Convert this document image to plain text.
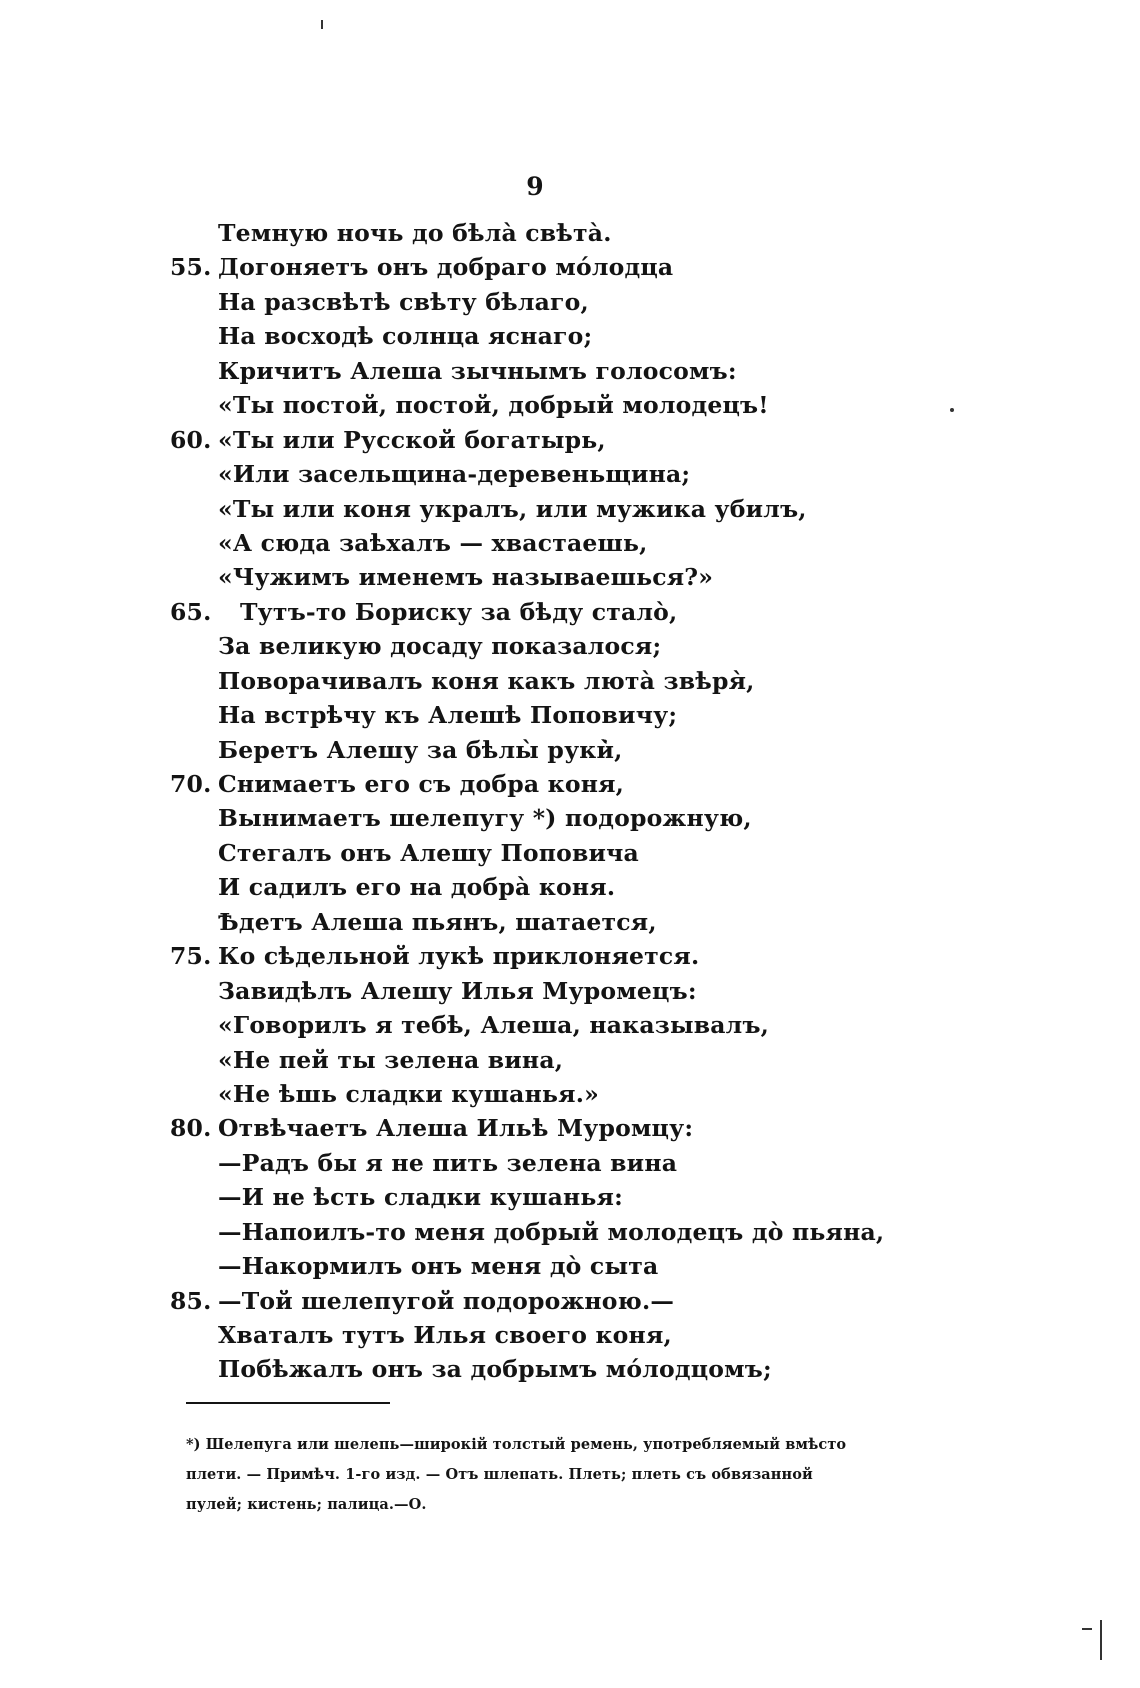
9
Темную ночь до бѣла̀ свѣта̀.
55. Догоняетъ онъ добраго мо́лодца
На разсвѣтѣ свѣту бѣлаго,
На восходѣ солнца яснаго;
Кричитъ Алеша зычнымъ голосомъ:
«Ты постой, постой, добрый молодецъ!
60. «Ты или Русской богатырь,
«Или засельщина-деревеньщина;
«Ты или коня укралъ, или мужика убилъ,
«А сюда заѣхалъ — хвастаешь,
«Чужимъ именемъ называешься?»
65. Тутъ-то Бориску за бѣду стало̀,
За великую досаду показалося;
Поворачивалъ коня какъ люта̀ звѣря̀,
На встрѣчу къ Алешѣ Поповичу;
Беретъ Алешу за бѣлы̀ руки̇̀,
70. Снимаетъ его съ добра коня,
Вынимаетъ шелепугу *) подорожную,
Стегалъ онъ Алешу Поповича
И садилъ его на добра̀ коня.
Ѣдетъ Алеша пьянъ, шатается,
75. Ко сѣдельной лукѣ приклоняется.
Завидѣлъ Алешу Илья Муромецъ:
«Говорилъ я тебѣ, Алеша, наказывалъ,
«Не пей ты зелена вина,
«Не ѣшь сладки кушанья.»
80. Отвѣчаетъ Алеша Ильѣ Муромцу:
—Радъ бы я не пить зелена вина
—И не ѣсть сладки кушанья:
—Напоилъ-то меня добрый молодецъ до̀ пьяна,
—Накормилъ онъ меня до̀ сыта
85. —Той шелепугой подорожною.—
Хваталъ тутъ Илья своего коня,
Побѣжалъ онъ за добрымъ мо́лодцомъ;
*) Шелепуга или шелепь—широкій толстый ремень, употребляемый вмѣсто
плети. — Примѣч. 1-го изд. — Отъ шлепать. Плеть; плеть съ обвязанной
пулей; кистень; палица.—О.
